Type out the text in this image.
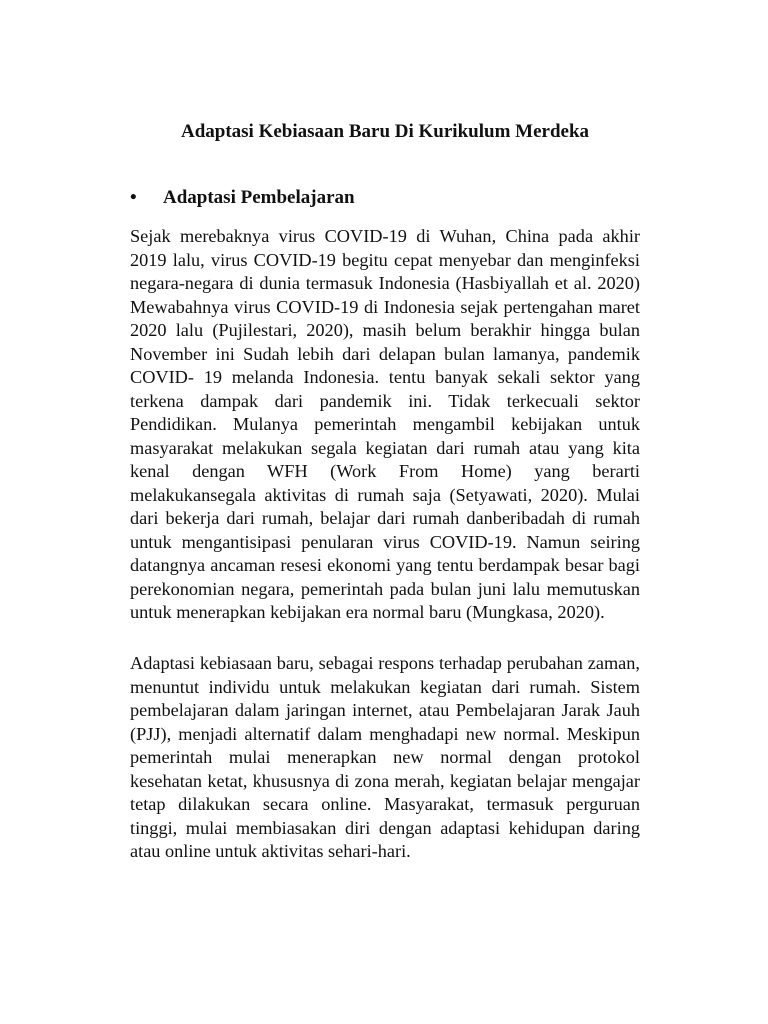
Adaptasi Kebiasaan Baru Di Kurikulum Merdeka
• Adaptasi Pembelajaran

Sejak merebaknya virus COVID-19 di Wuhan, China pada akhir 2019 lalu, virus COVID-19 begitu cepat menyebar dan menginfeksi negara-negara di dunia termasuk Indonesia (Hasbiyallah et al. 2020) Mewabahnya virus COVID-19 di Indonesia sejak pertengahan maret 2020 lalu (Pujilestari, 2020), masih belum berakhir hingga bulan November ini Sudah lebih dari delapan bulan lamanya, pandemik COVID- 19 melanda Indonesia. tentu banyak sekali sektor yang terkena dampak dari pandemik ini. Tidak terkecuali sektor Pendidikan. Mulanya pemerintah mengambil kebijakan untuk masyarakat melakukan segala kegiatan dari rumah atau yang kita kenal dengan WFH (Work From Home) yang berarti melakukansegala aktivitas di rumah saja (Setyawati, 2020). Mulai dari bekerja dari rumah, belajar dari rumah danberibadah di rumah untuk mengantisipasi penularan virus COVID-19. Namun seiring datangnya ancaman resesi ekonomi yang tentu berdampak besar bagi perekonomian negara, pemerintah pada bulan juni lalu memutuskan untuk menerapkan kebijakan era normal baru (Mungkasa, 2020).

Adaptasi kebiasaan baru, sebagai respons terhadap perubahan zaman, menuntut individu untuk melakukan kegiatan dari rumah. Sistem pembelajaran dalam jaringan internet, atau Pembelajaran Jarak Jauh (PJJ), menjadi alternatif dalam menghadapi new normal. Meskipun pemerintah mulai menerapkan new normal dengan protokol kesehatan ketat, khususnya di zona merah, kegiatan belajar mengajar tetap dilakukan secara online. Masyarakat, termasuk perguruan tinggi, mulai membiasakan diri dengan adaptasi kehidupan daring atau online untuk aktivitas sehari-hari.
